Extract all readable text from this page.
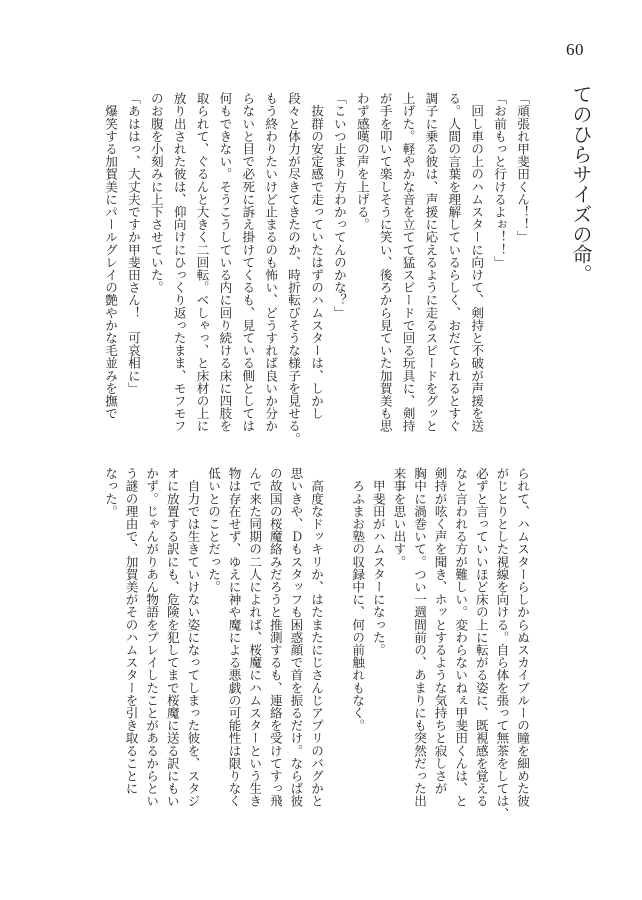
60
てのひらサイズの命。
「頑張れ甲斐田くん！！」
「お前もっと行けるよぉ！！」
　回し車の上のハムスターに向けて、剣持と不破が声援を送
る。人間の言葉を理解しているらしく、おだてられるとすぐ
調子に乗る彼は、声援に応えるように走るスピードをグッと
上げた。軽やかな音を立てて猛スピードで回る玩具に、剣持
が手を叩いて楽しそうに笑い、後ろから見ていた加賀美も思
わず感嘆の声を上げる。
「こいつ止まり方わかってんのかな？」
　抜群の安定感で走っていたはずのハムスターは、しかし
段々と体力が尽きてきたのか、時折転びそうな様子を見せる。
もう終わりたいけど止まるのも怖い、どうすれば良いか分か
らないと目で必死に訴え掛けてくるも、見ている側としては
何もできない。そうこうしている内に回り続ける床に四肢を
取られて、ぐるんと大きく二回転。べしゃっ、と床材の上に
放り出された彼は、仰向けにひっくり返ったまま、モフモフ
のお腹を小刻みに上下させていた。
「あははっ、大丈夫ですか甲斐田さん！　可哀相に」
　爆笑する加賀美にパールグレイの艶やかな毛並みを撫で
られて、ハムスターらしからぬスカイブルーの瞳を細めた彼
がじとりとした視線を向ける。自ら体を張って無茶をしては、
必ずと言っていいほど床の上に転がる姿に、既視感を覚える
なと言われる方が難しい。変わらないねぇ甲斐田くんは、と
剣持が呟く声を聞き、ホッとするような気持ちと寂しさが
胸中に渦巻いて。つい一週間前の、あまりにも突然だった出
来事を思い出す。
　甲斐田がハムスターになった。
　ろふまお塾の収録中に、何の前触れもなく。
　高度なドッキリか、はたまたにじさんじアプリのバグかと
思いきや、Ｄもスタッフも困惑顔で首を振るだけ。ならば彼
の故国の桜魔絡みだろうと推測するも、連絡を受けてすっ飛
んで来た同期の二人によれば、桜魔にハムスターという生き
物は存在せず、ゆえに神や魔による悪戯の可能性は限りなく
低いとのことだった。
　自力では生きていけない姿になってしまった彼を、スタジ
オに放置する訳にも、危険を犯してまで桜魔に送る訳にもい
かず。じゃんがりあん物語をプレイしたことがあるからとい
う謎の理由で、加賀美がそのハムスターを引き取ることに
なった。
